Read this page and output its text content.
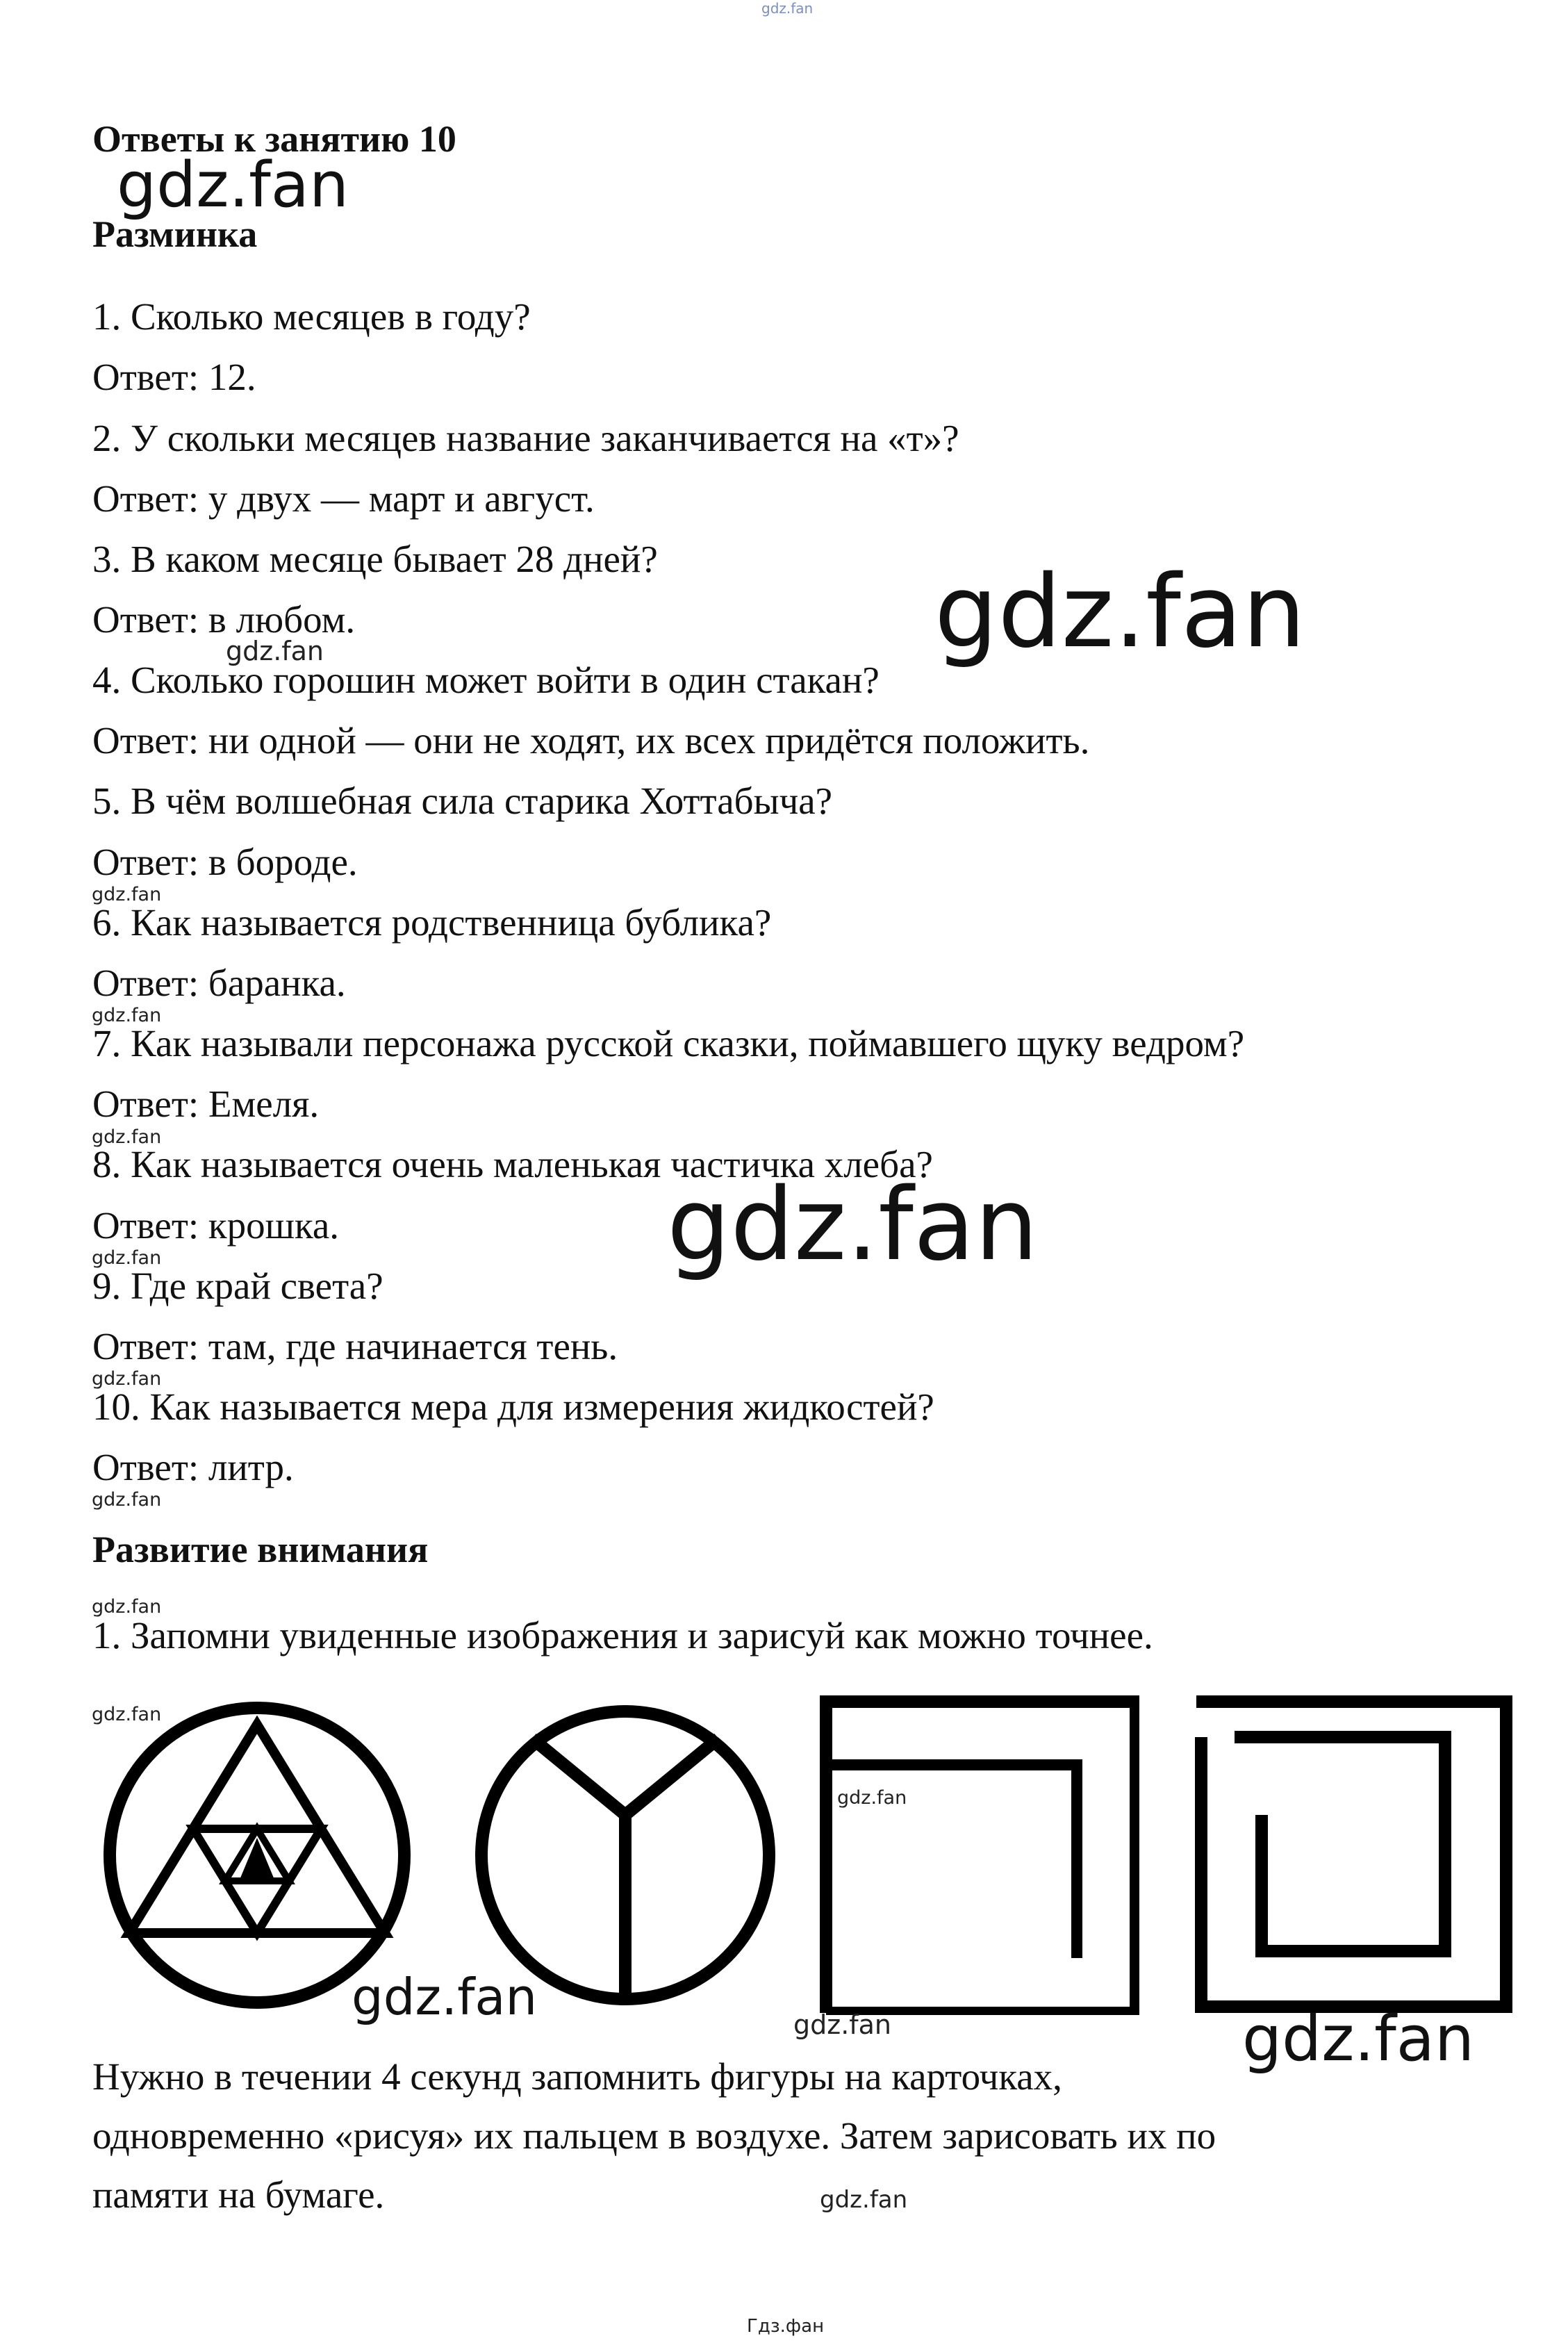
gdz.fan
Ответы к занятию 10
Разминка
1. Сколько месяцев в году?
Ответ: 12.
2. У скольки месяцев название заканчивается на «т»?
Ответ: у двух — март и август.
3. В каком месяце бывает 28 дней?
Ответ: в любом.
4. Сколько горошин может войти в один стакан?
Ответ: ни одной — они не ходят, их всех придётся положить.
5. В чём волшебная сила старика Хоттабыча?
Ответ: в бороде.
6. Как называется родственница бублика?
Ответ: баранка.
7. Как называли персонажа русской сказки, поймавшего щуку ведром?
Ответ: Емеля.
8. Как называется очень маленькая частичка хлеба?
Ответ: крошка.
9. Где край света?
Ответ: там, где начинается тень.
10. Как называется мера для измерения жидкостей?
Ответ: литр.
Развитие внимания
1. Запомни увиденные изображения и зарисуй как можно точнее.
Нужно в течении 4 секунд запомнить фигуры на карточках,
одновременно «рисуя» их пальцем в воздухе. Затем зарисовать их по
памяти на бумаге.
gdz.fan
gdz.fan
gdz.fan
gdz.fan
gdz.fan
gdz.fan
gdz.fan
gdz.fan
gdz.fan
gdz.fan
gdz.fan
gdz.fan
gdz.fan
gdz.fan
gdz.fan
gdz.fan
gdz.fan
Гдз.фан
